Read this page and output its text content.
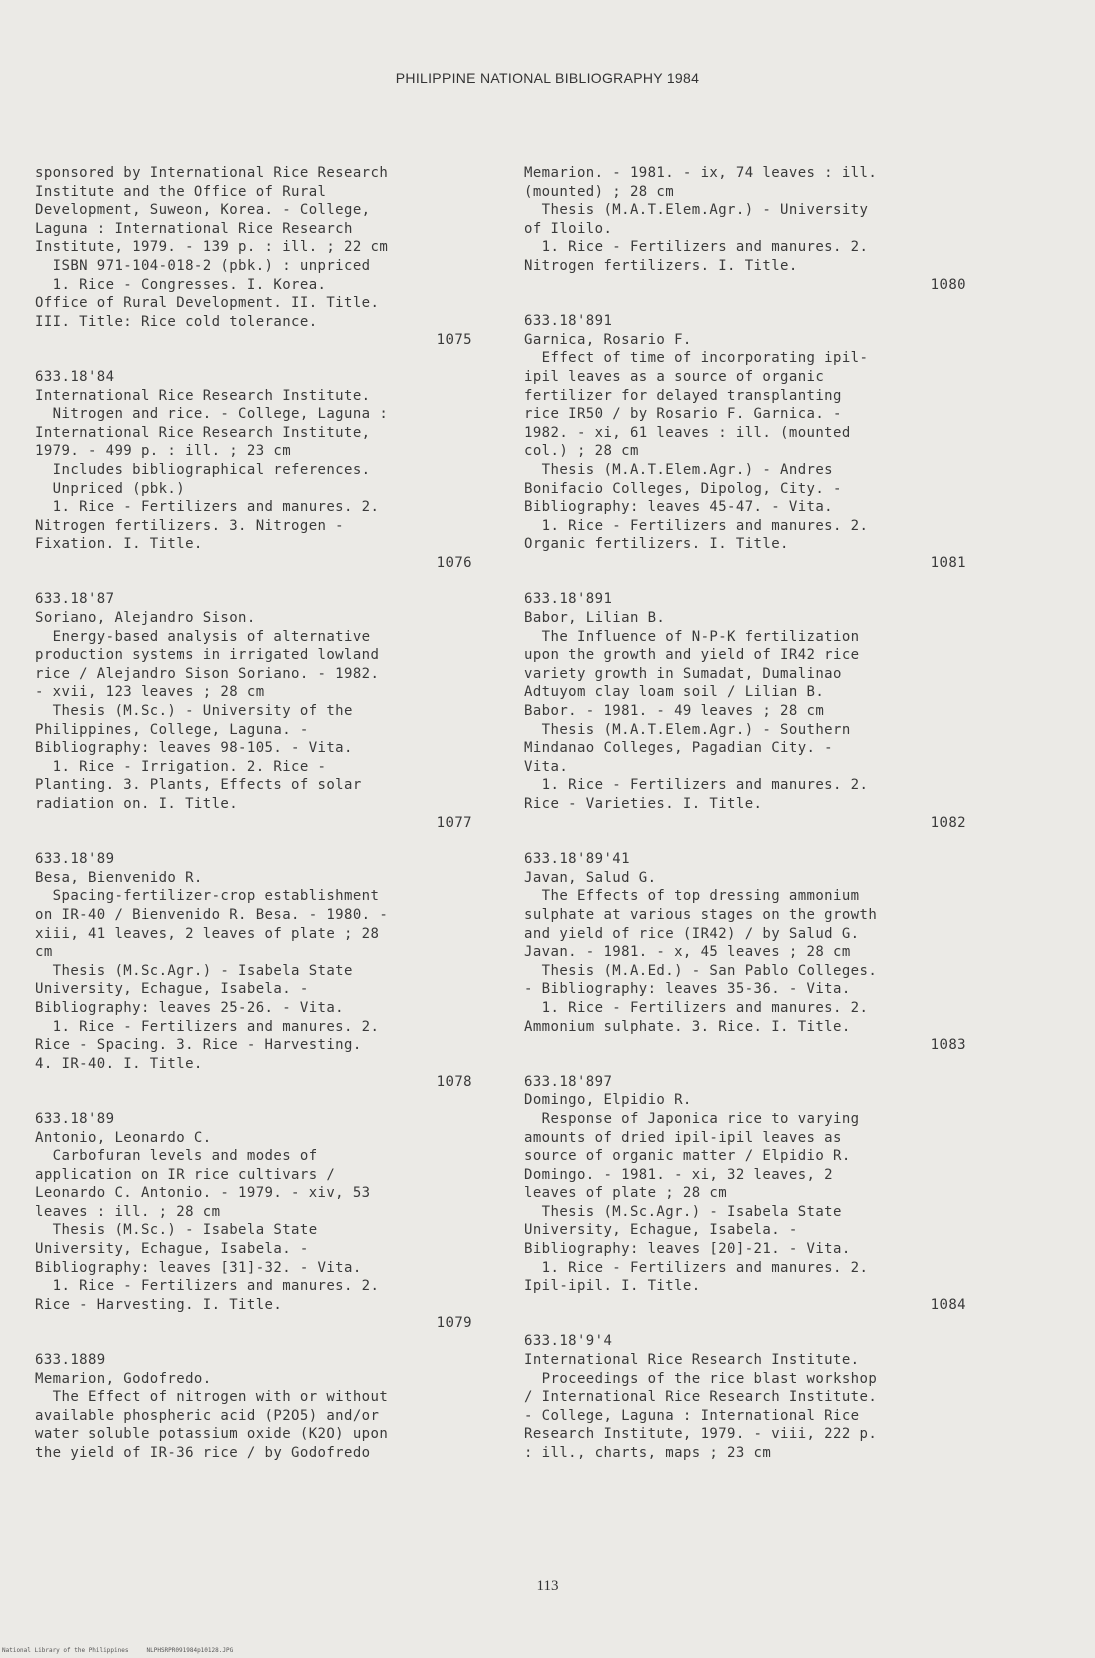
PHILIPPINE NATIONAL BIBLIOGRAPHY 1984
sponsored by International Rice Research
Institute and the Office of Rural
Development, Suweon, Korea. - College,
Laguna : International Rice Research
Institute, 1979. - 139 p. : ill. ; 22 cm
ISBN 971-104-018-2 (pbk.) : unpriced
1. Rice - Congresses. I. Korea.
Office of Rural Development. II. Title.
III. Title: Rice cold tolerance.
1075
633.18'84
International Rice Research Institute.
Nitrogen and rice. - College, Laguna :
International Rice Research Institute,
1979. - 499 p. : ill. ; 23 cm
Includes bibliographical references.
Unpriced (pbk.)
1. Rice - Fertilizers and manures. 2.
Nitrogen fertilizers. 3. Nitrogen -
Fixation. I. Title.
1076
633.18'87
Soriano, Alejandro Sison.
Energy-based analysis of alternative
production systems in irrigated lowland
rice / Alejandro Sison Soriano. - 1982.
- xvii, 123 leaves ; 28 cm
Thesis (M.Sc.) - University of the
Philippines, College, Laguna. -
Bibliography: leaves 98-105. - Vita.
1. Rice - Irrigation. 2. Rice -
Planting. 3. Plants, Effects of solar
radiation on. I. Title.
1077
633.18'89
Besa, Bienvenido R.
Spacing-fertilizer-crop establishment
on IR-40 / Bienvenido R. Besa. - 1980. -
xiii, 41 leaves, 2 leaves of plate ; 28
cm
Thesis (M.Sc.Agr.) - Isabela State
University, Echague, Isabela. -
Bibliography: leaves 25-26. - Vita.
1. Rice - Fertilizers and manures. 2.
Rice - Spacing. 3. Rice - Harvesting.
4. IR-40. I. Title.
1078
633.18'89
Antonio, Leonardo C.
Carbofuran levels and modes of
application on IR rice cultivars /
Leonardo C. Antonio. - 1979. - xiv, 53
leaves : ill. ; 28 cm
Thesis (M.Sc.) - Isabela State
University, Echague, Isabela. -
Bibliography: leaves [31]-32. - Vita.
1. Rice - Fertilizers and manures. 2.
Rice - Harvesting. I. Title.
1079
633.1889
Memarion, Godofredo.
The Effect of nitrogen with or without
available phospheric acid (P2O5) and/or
water soluble potassium oxide (K2O) upon
the yield of IR-36 rice / by Godofredo
Memarion. - 1981. - ix, 74 leaves : ill.
(mounted) ; 28 cm
Thesis (M.A.T.Elem.Agr.) - University
of Iloilo.
1. Rice - Fertilizers and manures. 2.
Nitrogen fertilizers. I. Title.
1080
633.18'891
Garnica, Rosario F.
Effect of time of incorporating ipil-
ipil leaves as a source of organic
fertilizer for delayed transplanting
rice IR50 / by Rosario F. Garnica. -
1982. - xi, 61 leaves : ill. (mounted
col.) ; 28 cm
Thesis (M.A.T.Elem.Agr.) - Andres
Bonifacio Colleges, Dipolog, City. -
Bibliography: leaves 45-47. - Vita.
1. Rice - Fertilizers and manures. 2.
Organic fertilizers. I. Title.
1081
633.18'891
Babor, Lilian B.
The Influence of N-P-K fertilization
upon the growth and yield of IR42 rice
variety growth in Sumadat, Dumalinao
Adtuyom clay loam soil / Lilian B.
Babor. - 1981. - 49 leaves ; 28 cm
Thesis (M.A.T.Elem.Agr.) - Southern
Mindanao Colleges, Pagadian City. -
Vita.
1. Rice - Fertilizers and manures. 2.
Rice - Varieties. I. Title.
1082
633.18'89'41
Javan, Salud G.
The Effects of top dressing ammonium
sulphate at various stages on the growth
and yield of rice (IR42) / by Salud G.
Javan. - 1981. - x, 45 leaves ; 28 cm
Thesis (M.A.Ed.) - San Pablo Colleges.
- Bibliography: leaves 35-36. - Vita.
1. Rice - Fertilizers and manures. 2.
Ammonium sulphate. 3. Rice. I. Title.
1083
633.18'897
Domingo, Elpidio R.
Response of Japonica rice to varying
amounts of dried ipil-ipil leaves as
source of organic matter / Elpidio R.
Domingo. - 1981. - xi, 32 leaves, 2
leaves of plate ; 28 cm
Thesis (M.Sc.Agr.) - Isabela State
University, Echague, Isabela. -
Bibliography: leaves [20]-21. - Vita.
1. Rice - Fertilizers and manures. 2.
Ipil-ipil. I. Title.
1084
633.18'9'4
International Rice Research Institute.
Proceedings of the rice blast workshop
/ International Rice Research Institute.
- College, Laguna : International Rice
Research Institute, 1979. - viii, 222 p.
: ill., charts, maps ; 23 cm
113
National Library of the Philippines     NLPHSRPR091984p10128.JPG
